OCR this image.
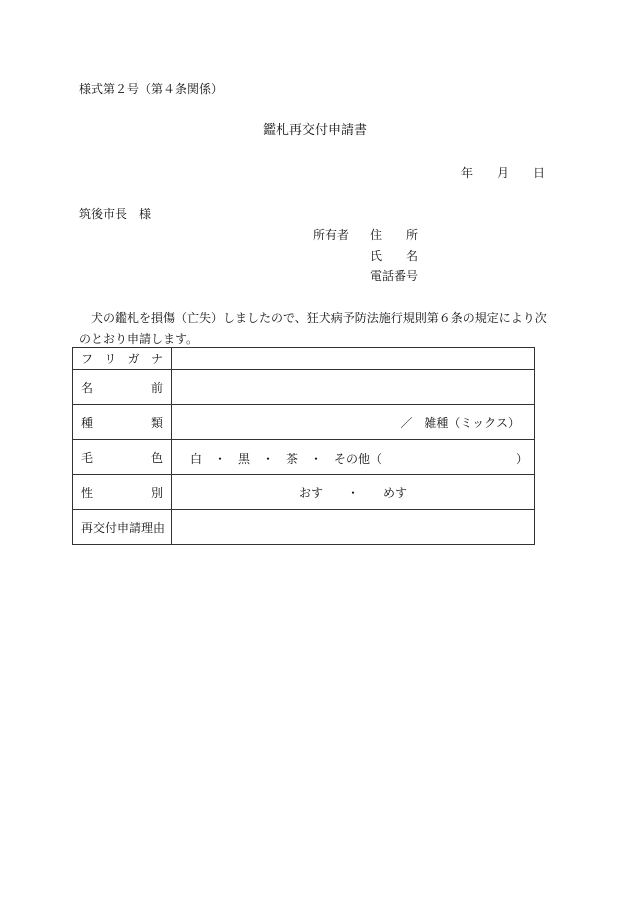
様式第２号（第４条関係）
鑑札再交付申請書
年 月 日
筑後市長　様
所有者 住　　所
氏　　名
電話番号
　犬の鑑札を損傷（亡失）しましたので、狂犬病予防法施行規則第６条の規定により次のとおり申請します。
フ リ ガ ナ	

名 前	

種 類	／　雑種（ミックス）

毛 色	白　・　黒　・　茶　・　その他（ ）

性 別	おす　　・　　めす
再交付申請理由	
